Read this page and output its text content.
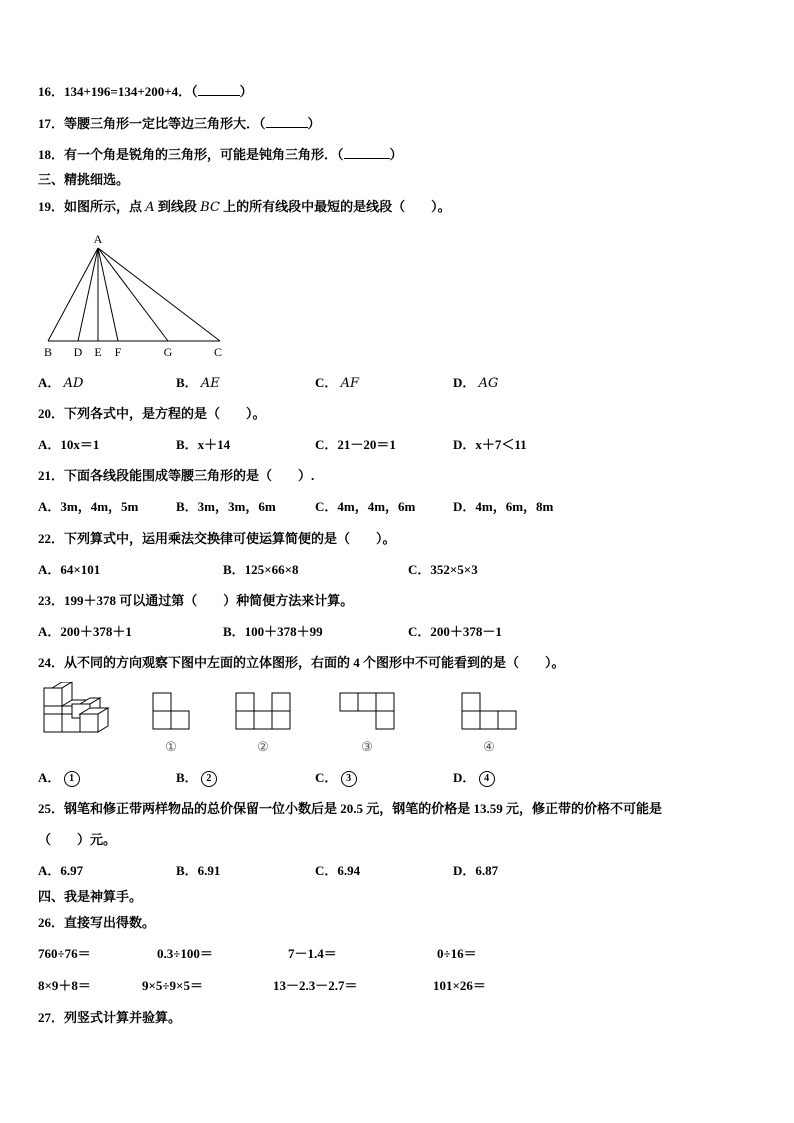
16．134+196=134+200+4．（	）
17．等腰三角形一定比等边三角形大．（	）
18．有一个角是锐角的三角形，可能是钝角三角形．（	）
三、精挑细选。
19．如图所示，点 A 到线段 BC 上的所有线段中最短的是线段（　　）。
A
B D E F	G	C
A． AD	B． AE	C． AF	D． AG
20．下列各式中，是方程的是（　　）。
A．10x＝1	B．x＋14	C．21－20＝1	D．x＋7＜11
21．下面各线段能围成等腰三角形的是（　　）.
A．3m，4m，5m	B．3m，3m，6m	C．4m，4m，6m	D．4m，6m，8m
22．下列算式中，运用乘法交换律可使运算简便的是（　　）。
A．64×101	B．125×66×8	C．352×5×3
23．199＋378 可以通过第（　　）种简便方法来计算。
A．200＋378＋1	B．100＋378＋99	C．200＋378－1
24．从不同的方向观察下图中左面的立体图形，右面的 4 个图形中不可能看到的是（　　）。
①	②	③	④
A． 1	B． 2	C． 3	D． 4
25．钢笔和修正带两样物品的总价保留一位小数后是 20.5 元，钢笔的价格是 13.59 元，修正带的价格不可能是
（　　）元。
A．6.97	B．6.91	C．6.94	D．6.87
四、我是神算手。
26．直接写出得数。
760÷76＝	0.3÷100＝	7－1.4＝	0÷16＝
8×9＋8＝	9×5÷9×5＝	13－2.3－2.7＝	101×26＝
27．列竖式计算并验算。
